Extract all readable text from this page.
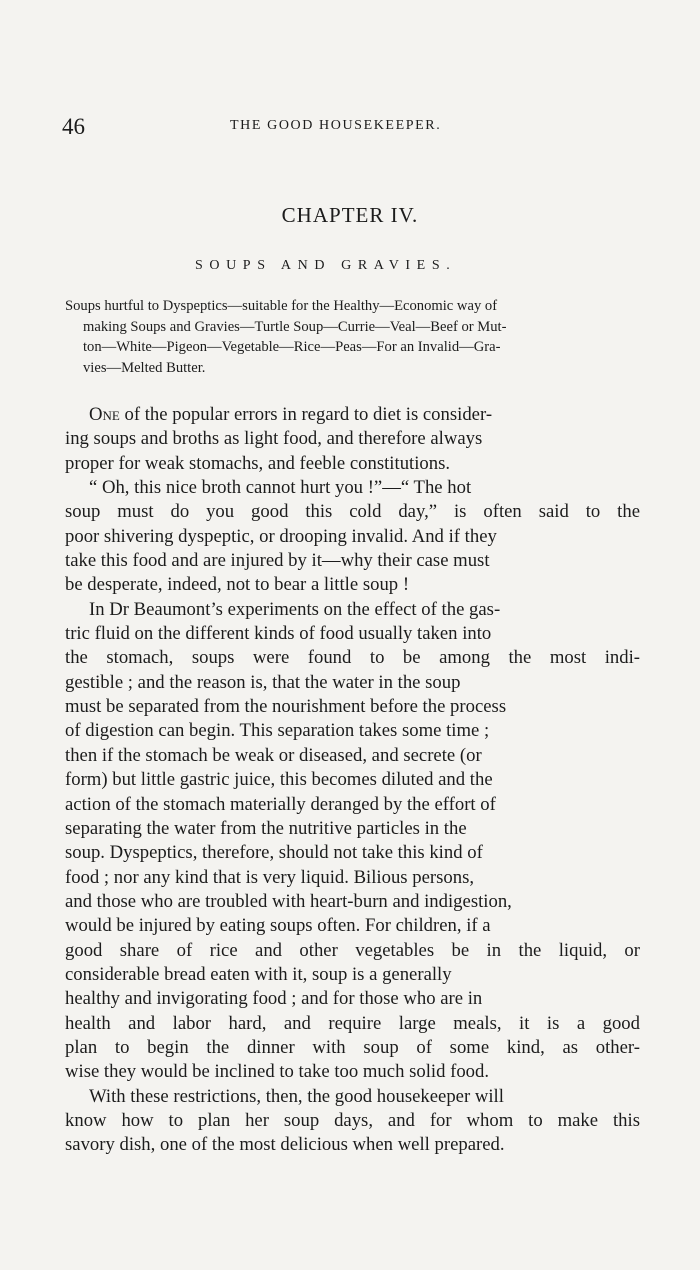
46	THE GOOD HOUSEKEEPER.
CHAPTER IV.
SOUPS AND GRAVIES.
Soups hurtful to Dyspeptics—suitable for the Healthy—Economic way of
making Soups and Gravies—Turtle Soup—Currie—Veal—Beef or Mut-
ton—White—Pigeon—Vegetable—Rice—Peas—For an Invalid—Gra-
vies—Melted Butter.
One of the popular errors in regard to diet is consider-
ing soups and broths as light food, and therefore always
proper for weak stomachs, and feeble constitutions.
“ Oh, this nice broth cannot hurt you !”—“ The hot
soup must do you good this cold day,” is often said to the
poor shivering dyspeptic, or drooping invalid. And if they
take this food and are injured by it—why their case must
be desperate, indeed, not to bear a little soup !
In Dr Beaumont’s experiments on the effect of the gas-
tric fluid on the different kinds of food usually taken into
the stomach, soups were found to be among the most indi-
gestible ; and the reason is, that the water in the soup
must be separated from the nourishment before the process
of digestion can begin. This separation takes some time ;
then if the stomach be weak or diseased, and secrete (or
form) but little gastric juice, this becomes diluted and the
action of the stomach materially deranged by the effort of
separating the water from the nutritive particles in the
soup. Dyspeptics, therefore, should not take this kind of
food ; nor any kind that is very liquid. Bilious persons,
and those who are troubled with heart-burn and indigestion,
would be injured by eating soups often. For children, if a
good share of rice and other vegetables be in the liquid, or
considerable bread eaten with it, soup is a generally
healthy and invigorating food ; and for those who are in
health and labor hard, and require large meals, it is a good
plan to begin the dinner with soup of some kind, as other-
wise they would be inclined to take too much solid food.
With these restrictions, then, the good housekeeper will
know how to plan her soup days, and for whom to make this
savory dish, one of the most delicious when well prepared.
